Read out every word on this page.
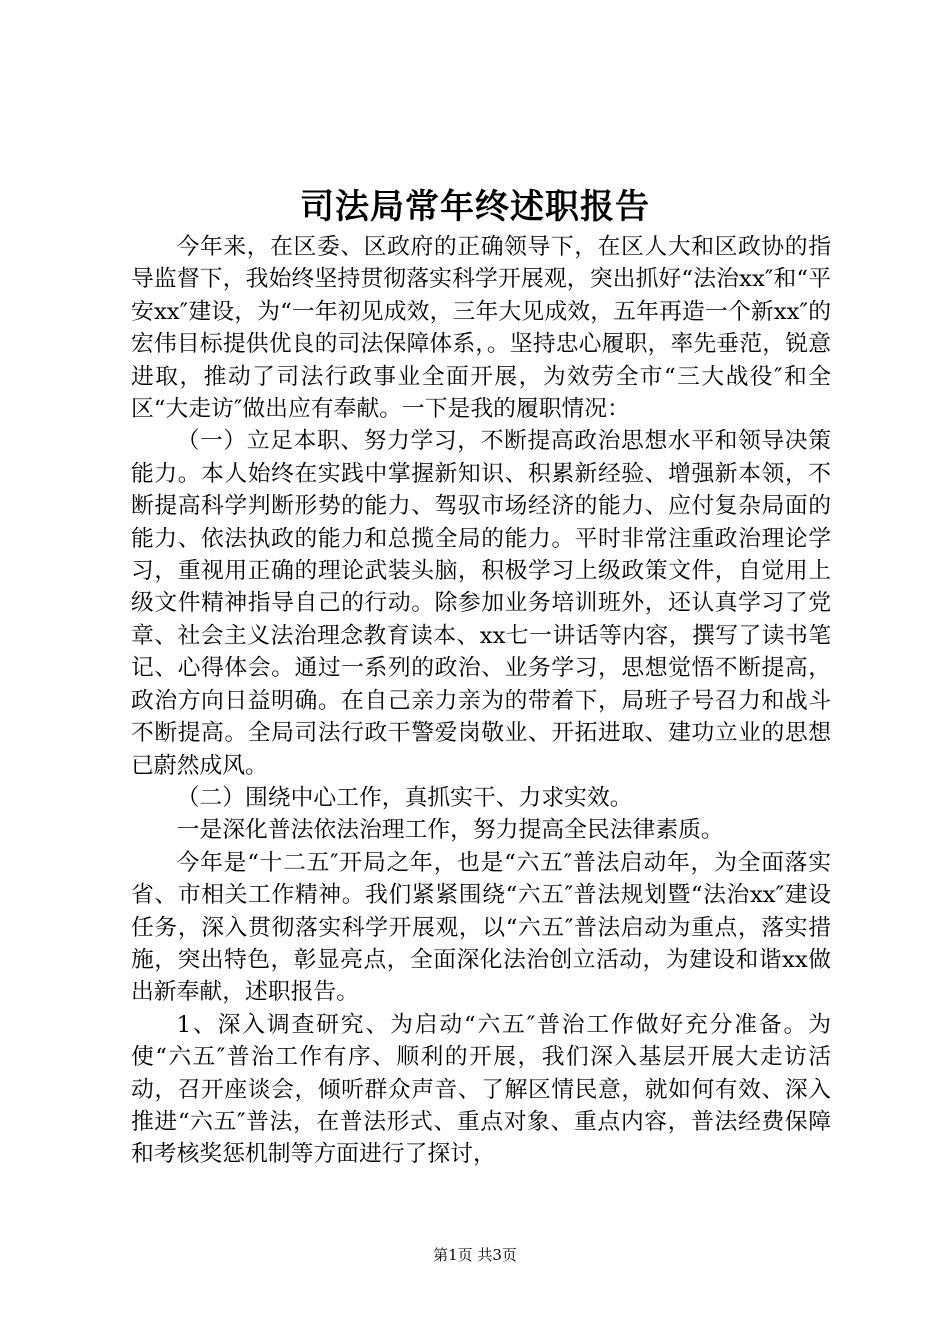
司法局常年终述职报告

今年来，在区委、区政府的正确领导下，在区人大和区政协的指导监督下，我始终坚持贯彻落实科学开展观，突出抓好“法治xx″和“平安xx″建设，为“一年初见成效，三年大见成效，五年再造一个新xx″的宏伟目标提供优良的司法保障体系，。坚持忠心履职，率先垂范，锐意进取，推动了司法行政事业全面开展，为效劳全市“三大战役″和全区“大走访″做出应有奉献。一下是我的履职情况：

（一）立足本职、努力学习，不断提高政治思想水平和领导决策能力。本人始终在实践中掌握新知识、积累新经验、增强新本领，不断提高科学判断形势的能力、驾驭市场经济的能力、应付复杂局面的能力、依法执政的能力和总揽全局的能力。平时非常注重政治理论学习，重视用正确的理论武装头脑，积极学习上级政策文件，自觉用上级文件精神指导自己的行动。除参加业务培训班外，还认真学习了党章、社会主义法治理念教育读本、xx七一讲话等内容，撰写了读书笔记、心得体会。通过一系列的政治、业务学习，思想觉悟不断提高，政治方向日益明确。在自己亲力亲为的带着下，局班子号召力和战斗不断提高。全局司法行政干警爱岗敬业、开拓进取、建功立业的思想已蔚然成风。

（二）围绕中心工作，真抓实干、力求实效。

一是深化普法依法治理工作，努力提高全民法律素质。

今年是“十二五″开局之年，也是“六五″普法启动年，为全面落实省、市相关工作精神。我们紧紧围绕“六五″普法规划暨“法治xx″建设任务，深入贯彻落实科学开展观，以“六五″普法启动为重点，落实措施，突出特色，彰显亮点，全面深化法治创立活动，为建设和谐xx做出新奉献，述职报告。

1、深入调查研究、为启动“六五″普治工作做好充分准备。为使“六五″普治工作有序、顺利的开展，我们深入基层开展大走访活动，召开座谈会，倾听群众声音、了解区情民意，就如何有效、深入推进“六五″普法，在普法形式、重点对象、重点内容，普法经费保障和考核奖惩机制等方面进行了探讨，

第1页 共3页
